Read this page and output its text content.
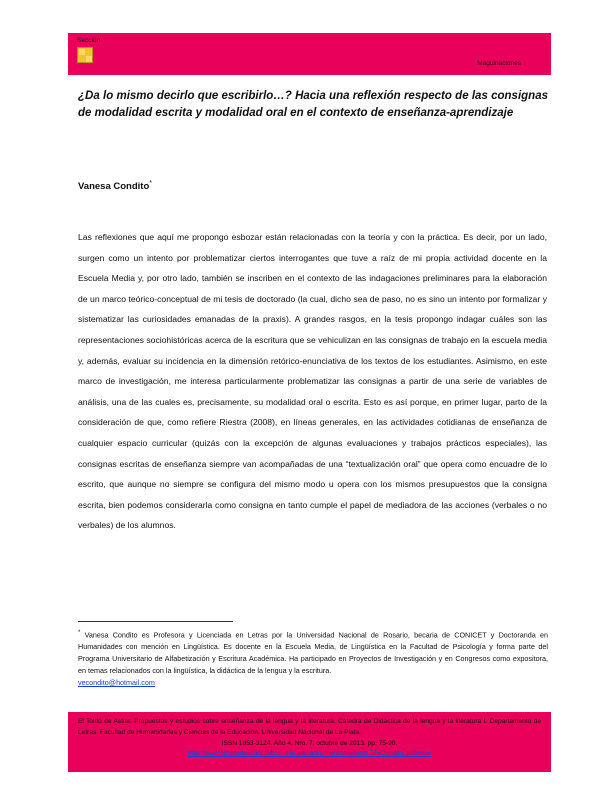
Sección
Maguinaciones
¿Da lo mismo decirlo que escribirlo…? Hacia una reflexión respecto de las consignas de modalidad escrita y modalidad oral en el contexto de enseñanza-aprendizaje
Vanesa Condito*
Las reflexiones que aquí me propongo esbozar están relacionadas con la teoría y con la práctica. Es decir, por un lado, surgen como un intento por problematizar ciertos interrogantes que tuve a raíz de mi propia actividad docente en la Escuela Media y, por otro lado, también se inscriben en el contexto de las indagaciones preliminares para la elaboración de un marco teórico-conceptual de mi tesis de doctorado (la cual, dicho sea de paso, no es sino un intento por formalizar y sistematizar las curiosidades emanadas de la praxis). A grandes rasgos, en la tesis propongo indagar cuáles son las representaciones sociohistóricas acerca de la escritura que se vehiculizan en las consignas de trabajo en la escuela media y, además, evaluar su incidencia en la dimensión retórico-enunciativa de los textos de los estudiantes. Asimismo, en este marco de investigación, me interesa particularmente problematizar las consignas a partir de una serie de variables de análisis, una de las cuales es, precisamente, su modalidad oral o escrita. Esto es así porque, en primer lugar, parto de la consideración de que, como refiere Riestra (2008), en líneas generales, en las actividades cotidianas de enseñanza de cualquier espacio curricular (quizás con la excepción de algunas evaluaciones y trabajos prácticos especiales), las consignas escritas de enseñanza siempre van acompañadas de una “textualización oral” que opera como encuadre de lo escrito, que aunque no siempre se configura del mismo modo u opera con los mismos presupuestos que la consigna escrita, bien podemos considerarla como consigna en tanto cumple el papel de mediadora de las acciones (verbales o no verbales) de los alumnos.
* Vanesa Condito es Profesora y Licenciada en Letras por la Universidad Nacional de Rosario, becaria de CONICET y Doctoranda en Humanidades con mención en Lingüística. Es docente en la Escuela Media, de Lingüística en la Facultad de Psicología y forma parte del Programa Universitario de Alfabetización y Escritura Académica. Ha participado en Proyectos de Investigación y en Congresos como expositora, en temas relacionados con la lingüística, la didáctica de la lengua y la escritura.
vecondito@hotmail.com
El Toldo de Astier. Propuestas y estudios sobre enseñanza de la lengua y la literatura. Cátedra de Didáctica de la lengua y la literatura I. Departamento de Letras. Facultad de Humanidades y Ciencias de la Educación. Universidad Nacional de La Plata.
ISSN 1853-3124. Año 4, Nro. 7, octubre de 2013. pp. 75-90.
http://www.eltoldodeastier.fahce.unlp.edu.ar/numeros/numero-7/MCondito..pdf/view
